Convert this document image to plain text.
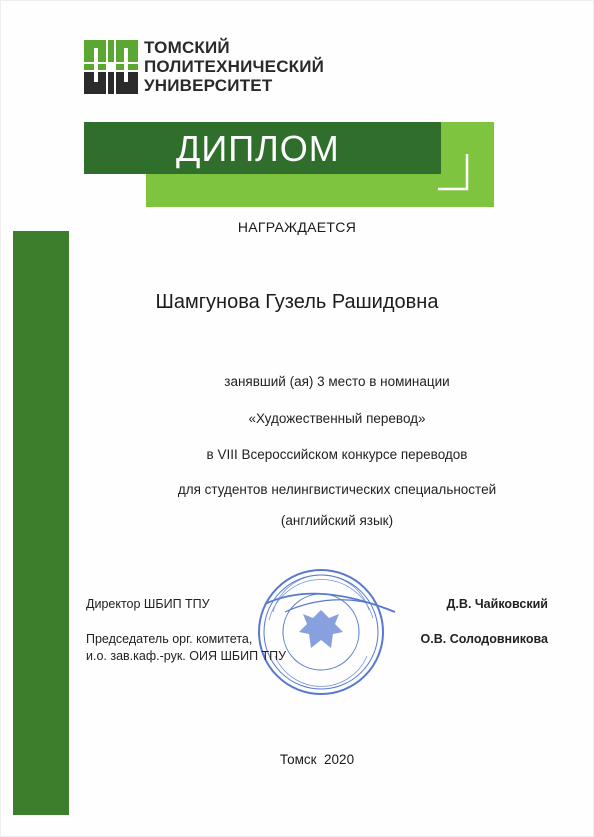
ТОМСКИЙ
ПОЛИТЕХНИЧЕСКИЙ
УНИВЕРСИТЕТ
ДИПЛОМ
НАГРАЖДАЕТСЯ
Шамгунова Гузель Рашидовна
занявший (ая) 3 место в номинации
«Художественный перевод»
в VIII Всероссийском конкурсе переводов
для студентов нелингвистических специальностей
(английский язык)
Директор ШБИП ТПУ	Д.В. Чайковский
Председатель орг. комитета,
и.о. зав.каф.-рук. ОИЯ ШБИП ТПУ
О.В. Солодовникова
Томск  2020
